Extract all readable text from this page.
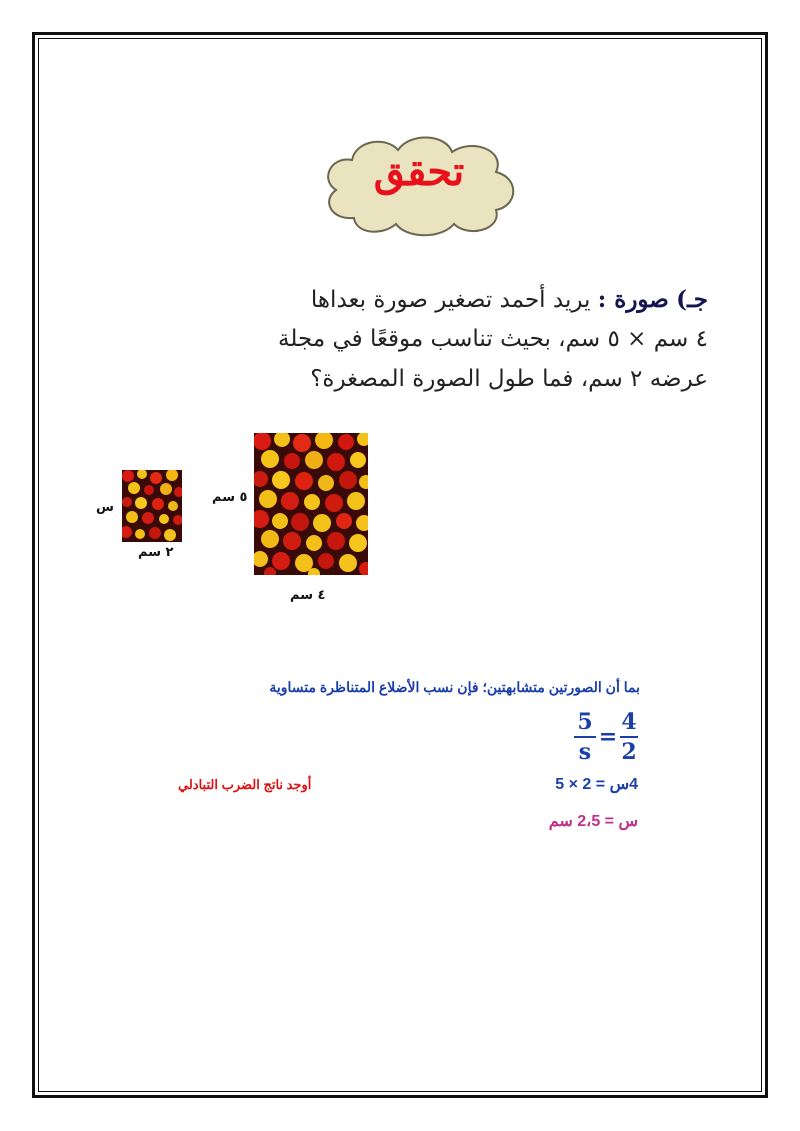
تحقق
جـ) صورة : يريد أحمد تصغير صورة بعداها
٤ سم × ٥ سم، بحيث تناسب موقعًا في مجلة
عرضه ٢ سم، فما طول الصورة المصغرة؟
س
٢ سم
٥ سم
٤ سم
بما أن الصورتين متشابهتين؛ فإن نسب الأضلاع المتناظرة متساوية
5
s
=
4
2
4س = 2 × 5
أوجد ناتج الضرب التبادلي
س = 2،5 سم
